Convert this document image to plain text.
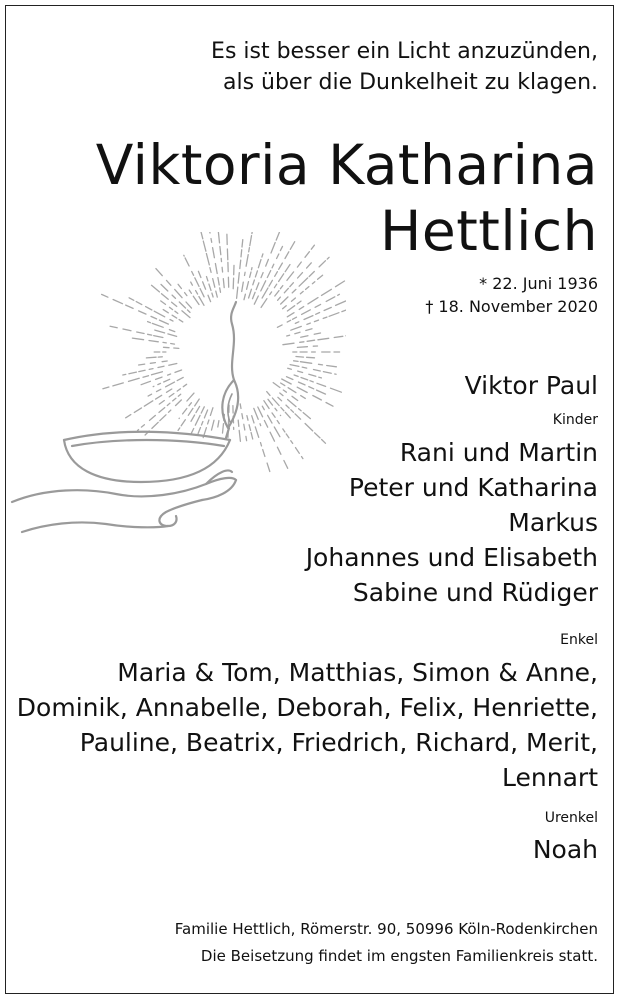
Es ist besser ein Licht anzuzünden,
als über die Dunkelheit zu klagen.
Viktoria Katharina
Hettlich
* 22. Juni 1936
† 18. November 2020
Viktor Paul
Kinder
Rani und Martin
Peter und Katharina
Markus
Johannes und Elisabeth
Sabine und Rüdiger
Enkel
Maria & Tom, Matthias, Simon & Anne,
Dominik, Annabelle, Deborah, Felix, Henriette,
Pauline, Beatrix, Friedrich, Richard, Merit,
Lennart
Urenkel
Noah
Familie Hettlich, Römerstr. 90, 50996 Köln-Rodenkirchen
Die Beisetzung findet im engsten Familienkreis statt.
